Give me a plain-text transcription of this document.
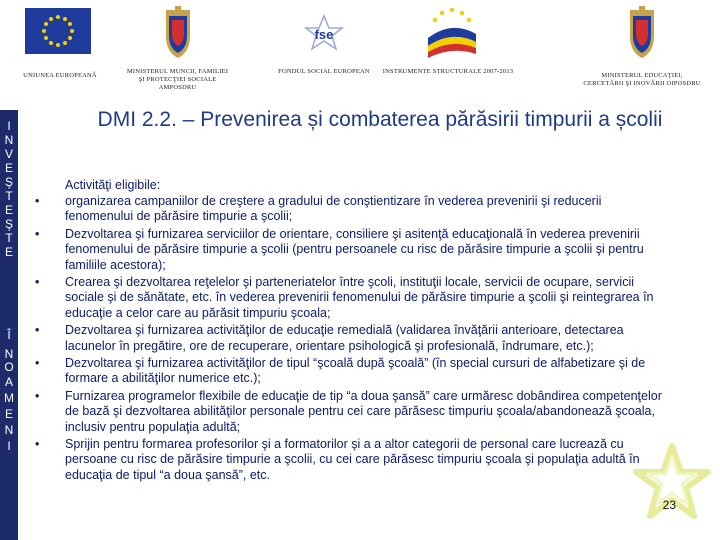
UNIUNEA EUROPEANĂ
MINISTERUL MUNCII, FAMILIEI ŞI PROTECŢIEI SOCIALE AMPOSDRU
fse
FONDUL SOCIAL EUROPEAN	INSTRUMENTE STRUCTURALE 2007-2013
MINISTERUL EDUCAŢIEI, CERCETĂRII ŞI INOVĂRII OIPOSDRU
I
N
V
E
Ş
T
E
Ş
T
E
Î
N
O
A
M
E
N
I
DMI 2.2. – Prevenirea și combaterea părăsirii timpurii a școlii
Activităţi eligibile:
• organizarea campaniilor de creştere a gradului de conştientizare în vederea prevenirii şi reducerii fenomenului de părăsire timpurie a şcolii;
• Dezvoltarea şi furnizarea serviciilor de orientare, consiliere şi asitenţă educaţională în vederea prevenirii fenomenului de părăsire timpurie a şcolii (pentru persoanele cu risc de părăsire timpurie a şcolii şi pentru familiile acestora);
• Crearea şi dezvoltarea reţelelor şi parteneriatelor între şcoli, instituţii locale, servicii de ocupare, servicii sociale şi de sănătate, etc. în vederea prevenirii fenomenului de părăsire timpurie a şcolii şi reintegrarea în educaţie a celor care au părăsit timpuriu şcoala;
• Dezvoltarea şi furnizarea activităţilor de educaţie remedială (validarea învăţării anterioare, detectarea lacunelor în pregătire, ore de recuperare, orientare psihologică şi profesională, îndrumare, etc.);
• Dezvoltarea şi furnizarea activităţilor de tipul “şcoală după şcoală” (în special cursuri de alfabetizare şi de formare a abilităţilor numerice etc.);
• Furnizarea programelor flexibile de educaţie de tip “a doua şansă” care urmăresc dobândirea competenţelor de bază şi dezvoltarea abilităţilor personale pentru cei care părăsesc timpuriu şcoala/abandonează şcoala, inclusiv pentru populaţia adultă;
• Sprijin pentru formarea profesorilor şi a formatorilor şi a a altor categorii de personal care lucrează cu persoane cu risc de părăsire timpurie a şcolii, cu cei care părăsesc timpuriu şcoala şi populaţia adultă în educaţia de tipul “a doua şansă”, etc.
23
